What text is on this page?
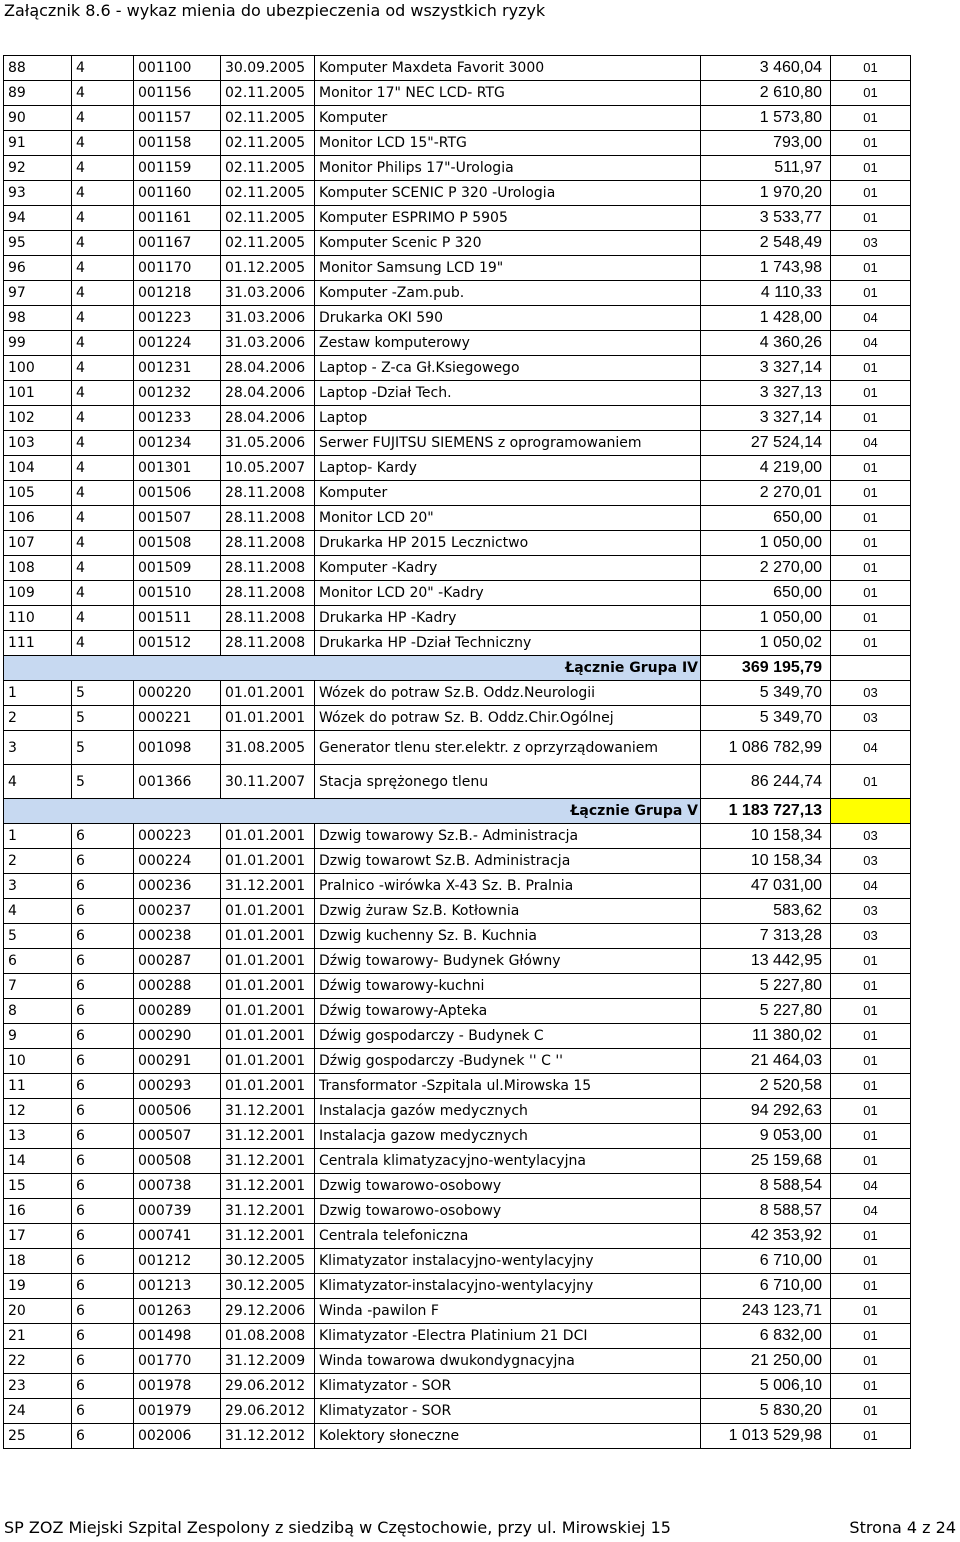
Załącznik 8.6 - wykaz mienia do ubezpieczenia od wszystkich ryzyk
88	4	001100	30.09.2005	Komputer Maxdeta Favorit 3000	3 460,04	01
89	4	001156	02.11.2005	Monitor 17" NEC LCD- RTG	2 610,80	01
90	4	001157	02.11.2005	Komputer	1 573,80	01
91	4	001158	02.11.2005	Monitor LCD 15"-RTG	793,00	01
92	4	001159	02.11.2005	Monitor Philips 17"-Urologia	511,97	01
93	4	001160	02.11.2005	Komputer SCENIC P 320 -Urologia	1 970,20	01
94	4	001161	02.11.2005	Komputer ESPRIMO P 5905	3 533,77	01
95	4	001167	02.11.2005	Komputer Scenic P 320	2 548,49	03
96	4	001170	01.12.2005	Monitor Samsung LCD 19"	1 743,98	01
97	4	001218	31.03.2006	Komputer -Zam.pub.	4 110,33	01
98	4	001223	31.03.2006	Drukarka OKI 590	1 428,00	04
99	4	001224	31.03.2006	Zestaw komputerowy	4 360,26	04
100	4	001231	28.04.2006	Laptop - Z-ca Gł.Ksiegowego	3 327,14	01
101	4	001232	28.04.2006	Laptop -Dział Tech.	3 327,13	01
102	4	001233	28.04.2006	Laptop	3 327,14	01
103	4	001234	31.05.2006	Serwer FUJITSU SIEMENS z oprogramowaniem	27 524,14	04
104	4	001301	10.05.2007	Laptop- Kardy	4 219,00	01
105	4	001506	28.11.2008	Komputer	2 270,01	01
106	4	001507	28.11.2008	Monitor LCD 20"	650,00	01
107	4	001508	28.11.2008	Drukarka HP 2015 Lecznictwo	1 050,00	01
108	4	001509	28.11.2008	Komputer -Kadry	2 270,00	01
109	4	001510	28.11.2008	Monitor LCD 20" -Kadry	650,00	01
110	4	001511	28.11.2008	Drukarka HP -Kadry	1 050,00	01
111	4	001512	28.11.2008	Drukarka HP -Dział Techniczny	1 050,02	01
Łącznie Grupa IV					369 195,79	
1	5	000220	01.01.2001	Wózek do potraw Sz.B. Oddz.Neurologii	5 349,70	03
2	5	000221	01.01.2001	Wózek do potraw Sz. B. Oddz.Chir.Ogólnej	5 349,70	03
3	5	001098	31.08.2005	Generator tlenu ster.elektr. z oprzyrządowaniem	1 086 782,99	04
4	5	001366	30.11.2007	Stacja sprężonego tlenu	86 244,74	01
Łącznie Grupa V					1 183 727,13	
1	6	000223	01.01.2001	Dzwig towarowy Sz.B.- Administracja	10 158,34	03
2	6	000224	01.01.2001	Dzwig towarowt Sz.B. Administracja	10 158,34	03
3	6	000236	31.12.2001	Pralnico -wirówka X-43 Sz. B. Pralnia	47 031,00	04
4	6	000237	01.01.2001	Dzwig żuraw Sz.B. Kotłownia	583,62	03
5	6	000238	01.01.2001	Dzwig kuchenny Sz. B. Kuchnia	7 313,28	03
6	6	000287	01.01.2001	Dźwig towarowy- Budynek Główny	13 442,95	01
7	6	000288	01.01.2001	Dźwig towarowy-kuchni	5 227,80	01
8	6	000289	01.01.2001	Dźwig towarowy-Apteka	5 227,80	01
9	6	000290	01.01.2001	Dźwig gospodarczy - Budynek C	11 380,02	01
10	6	000291	01.01.2001	Dźwig gospodarczy -Budynek '' C ''	21 464,03	01
11	6	000293	01.01.2001	Transformator -Szpitala ul.Mirowska 15	2 520,58	01
12	6	000506	31.12.2001	Instalacja gazów medycznych	94 292,63	01
13	6	000507	31.12.2001	Instalacja gazow medycznych	9 053,00	01
14	6	000508	31.12.2001	Centrala klimatyzacyjno-wentylacyjna	25 159,68	01
15	6	000738	31.12.2001	Dzwig towarowo-osobowy	8 588,54	04
16	6	000739	31.12.2001	Dzwig towarowo-osobowy	8 588,57	04
17	6	000741	31.12.2001	Centrala telefoniczna	42 353,92	01
18	6	001212	30.12.2005	Klimatyzator instalacyjno-wentylacyjny	6 710,00	01
19	6	001213	30.12.2005	Klimatyzator-instalacyjno-wentylacyjny	6 710,00	01
20	6	001263	29.12.2006	Winda -pawilon F	243 123,71	01
21	6	001498	01.08.2008	Klimatyzator -Electra Platinium 21 DCI	6 832,00	01
22	6	001770	31.12.2009	Winda towarowa dwukondygnacyjna	21 250,00	01
23	6	001978	29.06.2012	Klimatyzator - SOR	5 006,10	01
24	6	001979	29.06.2012	Klimatyzator - SOR	5 830,20	01
25	6	002006	31.12.2012	Kolektory słoneczne	1 013 529,98	01
SP ZOZ Miejski Szpital Zespolony z siedzibą w Częstochowie, przy ul. Mirowskiej 15	Strona 4 z 24
